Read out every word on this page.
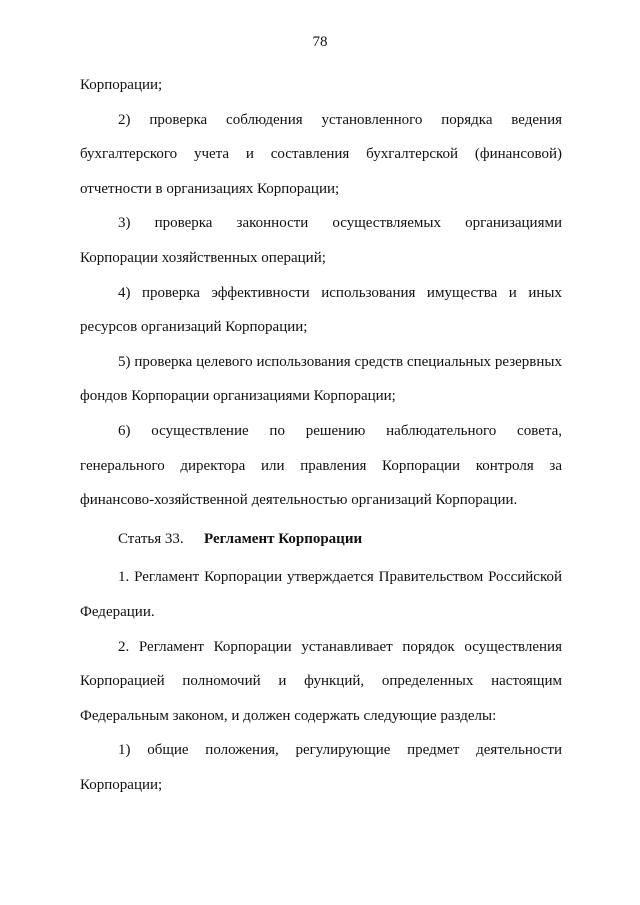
78

Корпорации;

2) проверка соблюдения установленного порядка ведения бухгалтерского учета и составления бухгалтерской (финансовой) отчетности в организациях Корпорации;

3) проверка законности осуществляемых организациями Корпорации хозяйственных операций;

4) проверка эффективности использования имущества и иных ресурсов организаций Корпорации;

5) проверка целевого использования средств специальных резервных фондов Корпорации организациями Корпорации;

6) осуществление по решению наблюдательного совета, генерального директора или правления Корпорации контроля за финансово-хозяйственной деятельностью организаций Корпорации.

Статья 33. Регламент Корпорации

1. Регламент Корпорации утверждается Правительством Российской Федерации.

2. Регламент Корпорации устанавливает порядок осуществления Корпорацией полномочий и функций, определенных настоящим Федеральным законом, и должен содержать следующие разделы:

1) общие положения, регулирующие предмет деятельности Корпорации;
